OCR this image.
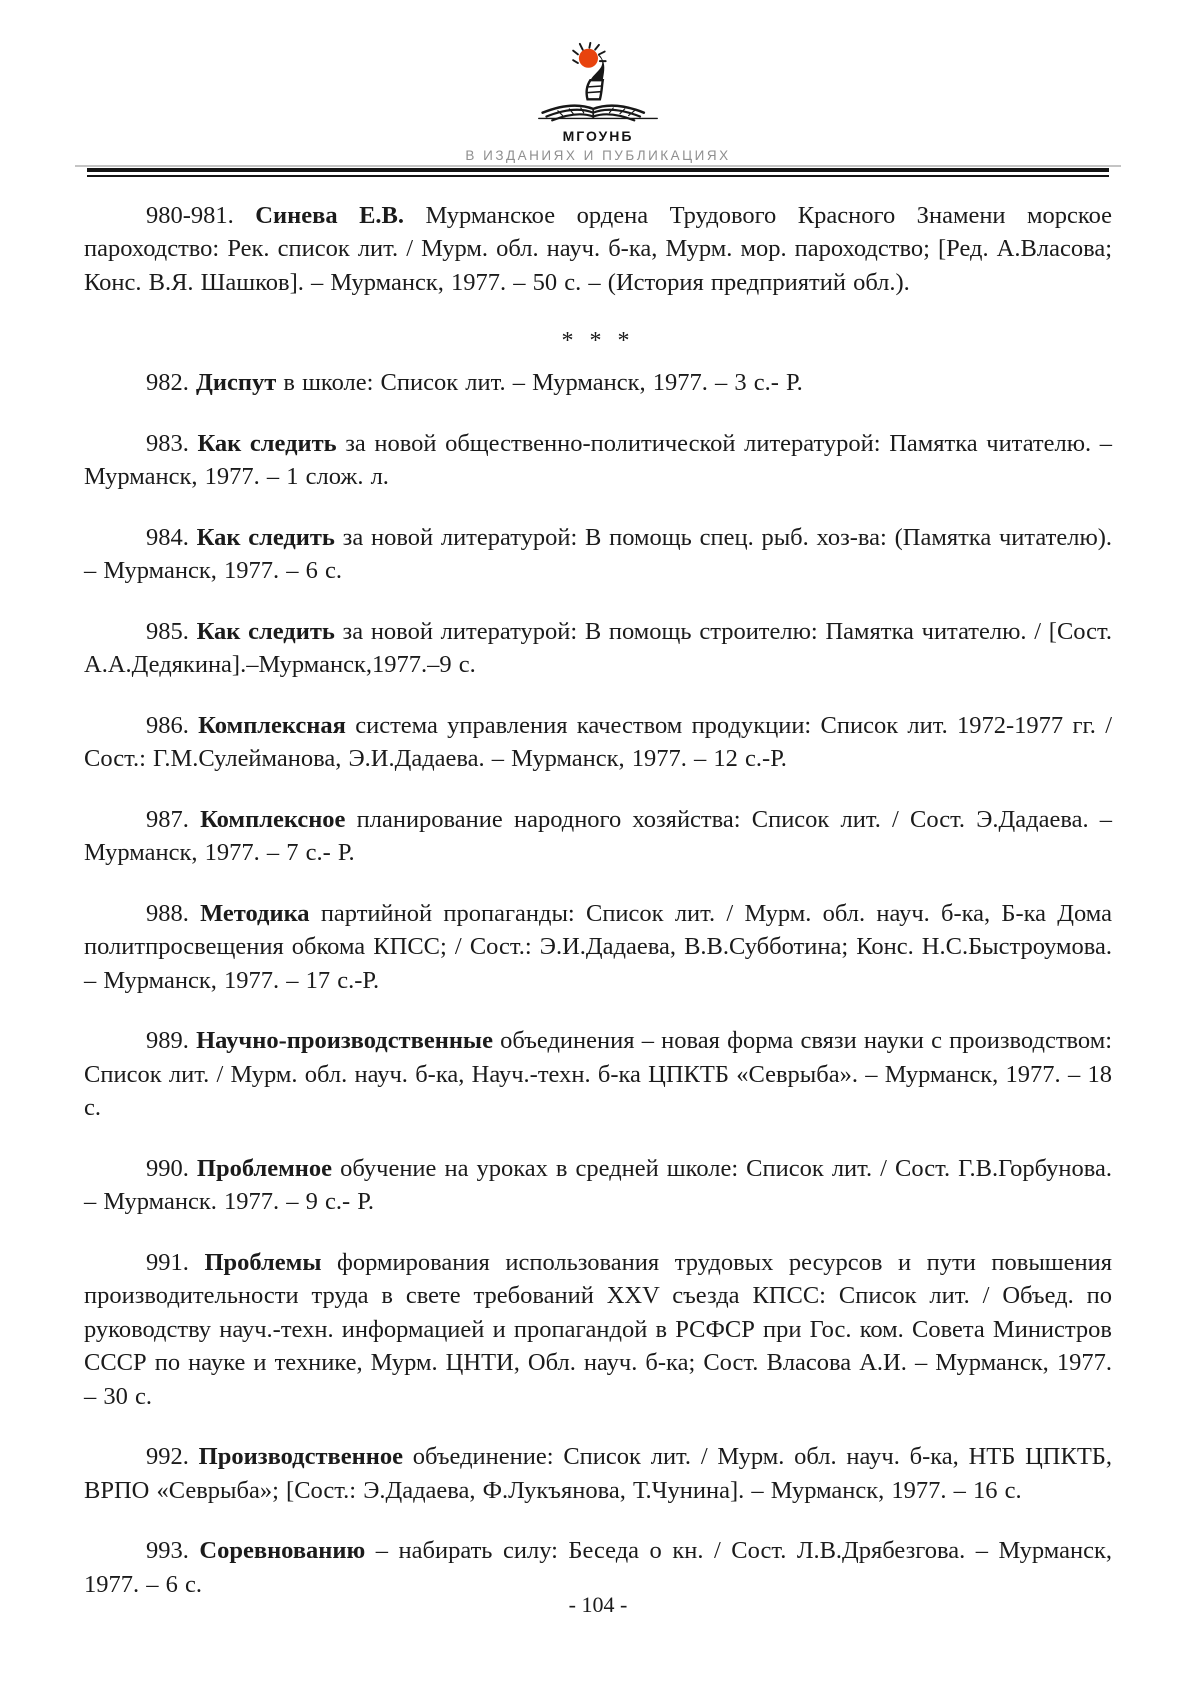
МГОУНБ
В ИЗДАНИЯХ И ПУБЛИКАЦИЯХ

980-981. Синева Е.В. Мурманское ордена Трудового Красного Знамени морское пароходство: Рек. список лит. / Мурм. обл. науч. б-ка, Мурм. мор. пароходство; [Ред. А.Власова; Конс. В.Я. Шашков]. – Мурманск, 1977. – 50 с. – (История предприятий обл.).

* * *

982. Диспут в школе: Список лит. – Мурманск, 1977. – 3 с.- Р.

983. Как следить за новой общественно-политической литературой: Памятка читателю. – Мурманск, 1977. – 1 слож. л.

984. Как следить за новой литературой: В помощь спец. рыб. хоз-ва: (Памятка читателю). – Мурманск, 1977. – 6 с.

985. Как следить за новой литературой: В помощь строителю: Памятка читателю. / [Сост. А.А.Дедякина].–Мурманск,1977.–9 с.

986. Комплексная система управления качеством продукции: Список лит. 1972-1977 гг. / Сост.: Г.М.Сулейманова, Э.И.Дадаева. – Мурманск, 1977. – 12 с.-Р.

987. Комплексное планирование народного хозяйства: Список лит. / Сост. Э.Дадаева. – Мурманск, 1977. – 7 с.- Р.

988. Методика партийной пропаганды: Список лит. / Мурм. обл. науч. б-ка, Б-ка Дома политпросвещения обкома КПСС; / Сост.: Э.И.Дадаева, В.В.Субботина; Конс. Н.С.Быстроумова. – Мурманск, 1977. – 17 с.-Р.

989. Научно-производственные объединения – новая форма связи науки с производством: Список лит. / Мурм. обл. науч. б-ка, Науч.-техн. б-ка ЦПКТБ «Севрыба». – Мурманск, 1977. – 18 с.

990. Проблемное обучение на уроках в средней школе: Список лит. / Сост. Г.В.Горбунова. – Мурманск. 1977. – 9 с.- Р.

991. Проблемы формирования использования трудовых ресурсов и пути повышения производительности труда в свете требований XXV съезда КПСС: Список лит. / Объед. по руководству науч.-техн. информацией и пропагандой в РСФСР при Гос. ком. Совета Министров СССР по науке и технике, Мурм. ЦНТИ, Обл. науч. б-ка; Сост. Власова А.И. – Мурманск, 1977. – 30 с.

992. Производственное объединение: Список лит. / Мурм. обл. науч. б-ка, НТБ ЦПКТБ, ВРПО «Севрыба»; [Сост.: Э.Дадаева, Ф.Лукъянова, Т.Чунина]. – Мурманск, 1977. – 16 с.

993. Соревнованию – набирать силу: Беседа о кн. / Сост. Л.В.Дрябезгова. – Мурманск, 1977. – 6 с.

- 104 -
